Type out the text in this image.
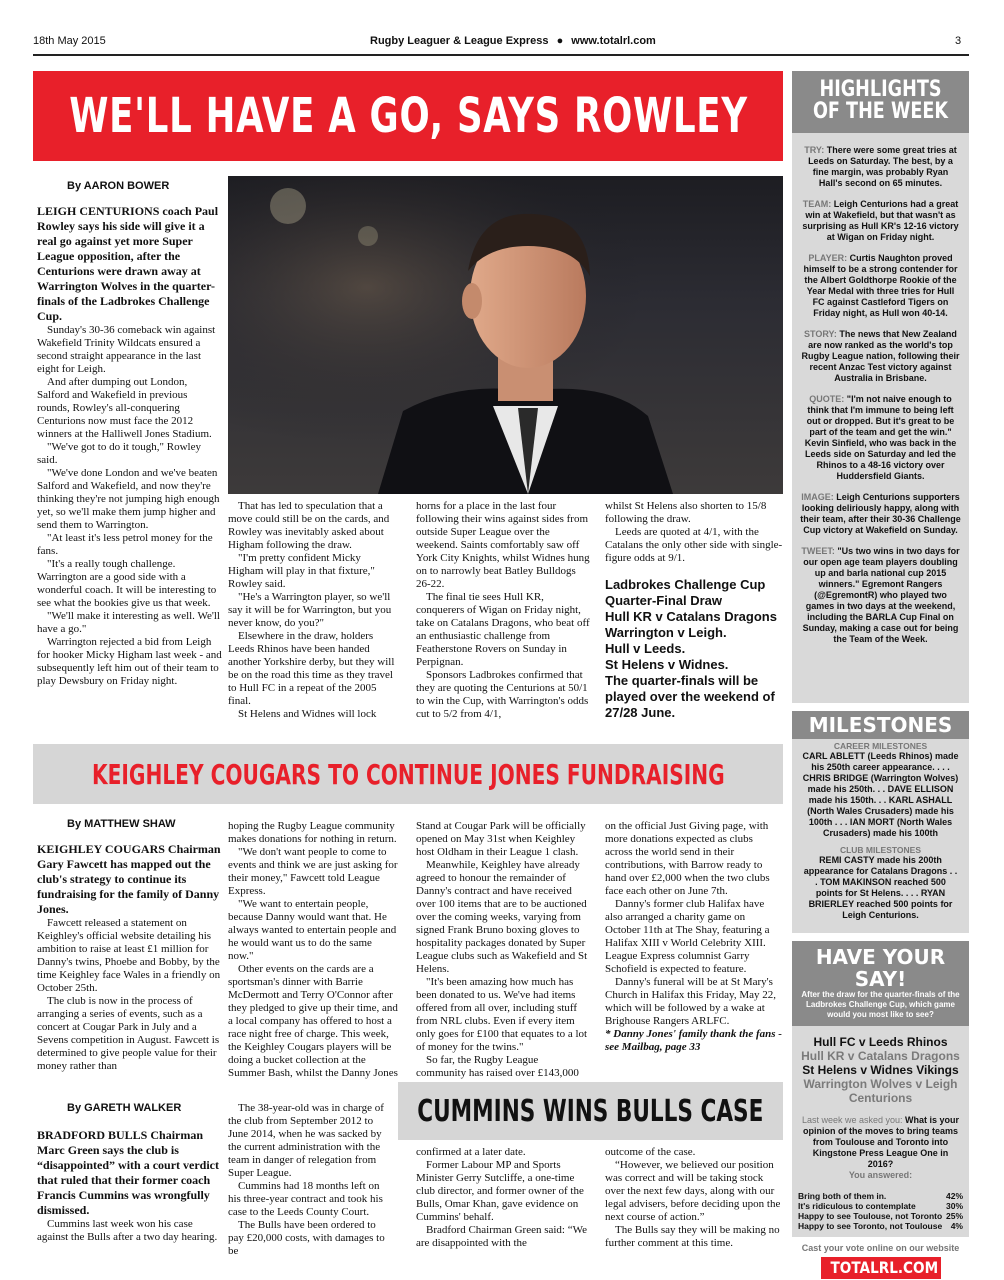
18th May 2015	Rugby Leaguer & League Express ● www.totalrl.com	3
WE'LL HAVE A GO, SAYS ROWLEY
By AARON BOWER
LEIGH CENTURIONS coach Paul Rowley says his side will give it a real go against yet more Super League opposition, after the Centurions were drawn away at Warrington Wolves in the quarter-finals of the Ladbrokes Challenge Cup.

Sunday's 30-36 comeback win against Wakefield Trinity Wildcats ensured a second straight appearance in the last eight for Leigh.

And after dumping out London, Salford and Wakefield in previous rounds, Rowley's all-conquering Centurions now must face the 2012 winners at the Halliwell Jones Stadium.

"We've got to do it tough," Rowley said.

"We've done London and we've beaten Salford and Wakefield, and now they're thinking they're not jumping high enough yet, so we'll make them jump higher and send them to Warrington.

"At least it's less petrol money for the fans.

"It's a really tough challenge. Warrington are a good side with a wonderful coach. It will be interesting to see what the bookies give us that week.

"We'll make it interesting as well. We'll have a go."

Warrington rejected a bid from Leigh for hooker Micky Higham last week - and subsequently left him out of their team to play Dewsbury on Friday night.

That has led to speculation that a move could still be on the cards, and Rowley was inevitably asked about Higham following the draw.

"I'm pretty confident Micky Higham will play in that fixture," Rowley said.

"He's a Warrington player, so we'll say it will be for Warrington, but you never know, do you?"

Elsewhere in the draw, holders Leeds Rhinos have been handed another Yorkshire derby, but they will be on the road this time as they travel to Hull FC in a repeat of the 2005 final.

St Helens and Widnes will lock

horns for a place in the last four following their wins against sides from outside Super League over the weekend. Saints comfortably saw off York City Knights, whilst Widnes hung on to narrowly beat Batley Bulldogs 26-22.

The final tie sees Hull KR, conquerers of Wigan on Friday night, take on Catalans Dragons, who beat off an enthusiastic challenge from Featherstone Rovers on Sunday in Perpignan.

Sponsors Ladbrokes confirmed that they are quoting the Centurions at 50/1 to win the Cup, with Warrington's odds cut to 5/2 from 4/1,

whilst St Helens also shorten to 15/8 following the draw.

Leeds are quoted at 4/1, with the Catalans the only other side with single-figure odds at 9/1.

Ladbrokes Challenge Cup
Quarter-Final Draw
Hull KR v Catalans Dragons
Warrington v Leigh.
Hull v Leeds.
St Helens v Widnes.
The quarter-finals will be played over the weekend of 27/28 June.
KEIGHLEY COUGARS TO CONTINUE JONES FUNDRAISING
By MATTHEW SHAW
KEIGHLEY COUGARS Chairman Gary Fawcett has mapped out the club's strategy to continue its fundraising for the family of Danny Jones.

Fawcett released a statement on Keighley's official website detailing his ambition to raise at least £1 million for Danny's twins, Phoebe and Bobby, by the time Keighley face Wales in a friendly on October 25th.

The club is now in the process of arranging a series of events, such as a concert at Cougar Park in July and a Sevens competition in August. Fawcett is determined to give people value for their money rather than

hoping the Rugby League community makes donations for nothing in return.

"We don't want people to come to events and think we are just asking for their money," Fawcett told League Express.

"We want to entertain people, because Danny would want that. He always wanted to entertain people and he would want us to do the same now."

Other events on the cards are a sportsman's dinner with Barrie McDermott and Terry O'Connor after they pledged to give up their time, and a local company has offered to host a race night free of charge. This week, the Keighley Cougars players will be doing a bucket collection at the Summer Bash, whilst the Danny Jones

Stand at Cougar Park will be officially opened on May 31st when Keighley host Oldham in their League 1 clash.

Meanwhile, Keighley have already agreed to honour the remainder of Danny's contract and have received over 100 items that are to be auctioned over the coming weeks, varying from signed Frank Bruno boxing gloves to hospitality packages donated by Super League clubs such as Wakefield and St Helens.

"It's been amazing how much has been donated to us. We've had items offered from all over, including stuff from NRL clubs. Even if every item only goes for £100 that equates to a lot of money for the twins."

So far, the Rugby League community has raised over £143,000

on the official Just Giving page, with more donations expected as clubs across the world send in their contributions, with Barrow ready to hand over £2,000 when the two clubs face each other on June 7th.

Danny's former club Halifax have also arranged a charity game on October 11th at The Shay, featuring a Halifax XIII v World Celebrity XIII. League Express columnist Garry Schofield is expected to feature.

Danny's funeral will be at St Mary's Church in Halifax this Friday, May 22, which will be followed by a wake at Brighouse Rangers ARLFC.

* Danny Jones' family thank the fans - see Mailbag, page 33

By GARETH WALKER
BRADFORD BULLS Chairman Marc Green says the club is “disappointed” with a court verdict that ruled that their former coach Francis Cummins was wrongfully dismissed.

Cummins last week won his case against the Bulls after a two day hearing.

The 38-year-old was in charge of the club from September 2012 to June 2014, when he was sacked by the current administration with the team in danger of relegation from Super League.

Cummins had 18 months left on his three-year contract and took his case to the Leeds County Court.

The Bulls have been ordered to pay £20,000 costs, with damages to be

CUMMINS WINS BULLS CASE

confirmed at a later date.

Former Labour MP and Sports Minister Gerry Sutcliffe, a one-time club director, and former owner of the Bulls, Omar Khan, gave evidence on Cummins' behalf.

Bradford Chairman Green said: “We are disappointed with the

outcome of the case.

“However, we believed our position was correct and will be taking stock over the next few days, along with our legal advisers, before deciding upon the next course of action.”

The Bulls say they will be making no further comment at this time.

HIGHLIGHTS
OF THE WEEK
TRY: There were some great tries at Leeds on Saturday. The best, by a fine margin, was probably Ryan Hall's second on 65 minutes.
TEAM: Leigh Centurions had a great win at Wakefield, but that wasn't as surprising as Hull KR's 12-16 victory at Wigan on Friday night.
PLAYER: Curtis Naughton proved himself to be a strong contender for the Albert Goldthorpe Rookie of the Year Medal with three tries for Hull FC against Castleford Tigers on Friday night, as Hull won 40-14.
STORY: The news that New Zealand are now ranked as the world's top Rugby League nation, following their recent Anzac Test victory against Australia in Brisbane.
QUOTE: "I'm not naive enough to think that I'm immune to being left out or dropped. But it's great to be part of the team and get the win." Kevin Sinfield, who was back in the Leeds side on Saturday and led the Rhinos to a 48-16 victory over Huddersfield Giants.
IMAGE: Leigh Centurions supporters looking deliriously happy, along with their team, after their 30-36 Challenge Cup victory at Wakefield on Sunday.
TWEET: "Us two wins in two days for our open age team players doubling up and barla national cup 2015 winners." Egremont Rangers (@EgremontR) who played two games in two days at the weekend, including the BARLA Cup Final on Sunday, making a case out for being the Team of the Week.
MILESTONES
CAREER MILESTONES
CARL ABLETT (Leeds Rhinos) made his 250th career appearance. . . . CHRIS BRIDGE (Warrington Wolves) made his 250th. . . DAVE ELLISON made his 150th. . . KARL ASHALL (North Wales Crusaders) made his 100th . . . IAN MORT (North Wales Crusaders) made his 100th
CLUB MILESTONES
REMI CASTY made his 200th appearance for Catalans Dragons . . . TOM MAKINSON reached 500 points for St Helens. . . . RYAN BRIERLEY reached 500 points for Leigh Centurions.
HAVE YOUR SAY!
After the draw for the quarter-finals of the Ladbrokes Challenge Cup, which game would you most like to see?
Hull FC v Leeds Rhinos
Hull KR v Catalans Dragons
St Helens v Widnes Vikings
Warrington Wolves v Leigh Centurions
Last week we asked you: What is your opinion of the moves to bring teams from Toulouse and Toronto into Kingstone Press League One in 2016?
You answered:
Bring both of them in.	42%
It's ridiculous to contemplate	30%
Happy to see Toulouse, not Toronto 25%
Happy to see Toronto, not Toulouse 4%
Cast your vote online on our website
TOTALRL.COM
